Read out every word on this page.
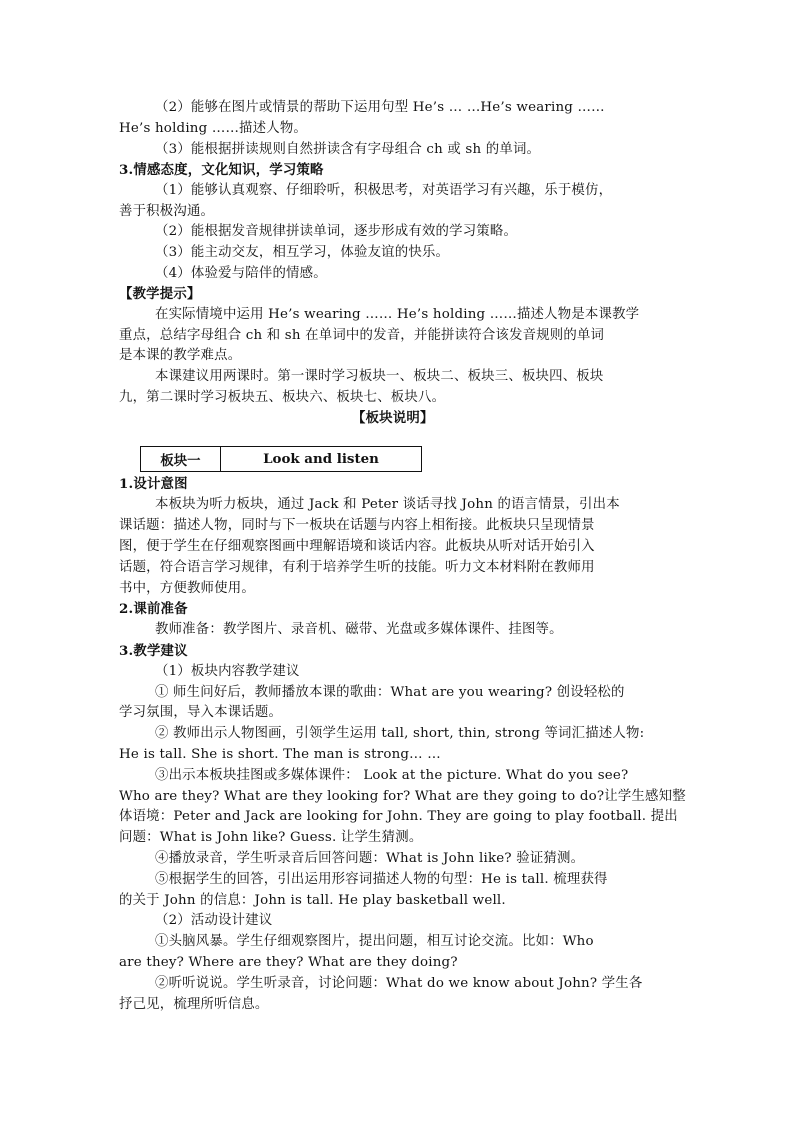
（2）能够在图片或情景的帮助下运用句型 He’s … …He’s wearing ……
He’s holding ……描述人物。
（3）能根据拼读规则自然拼读含有字母组合 ch 或 sh 的单词。
3.情感态度，文化知识，学习策略
（1）能够认真观察、仔细聆听，积极思考，对英语学习有兴趣，乐于模仿，
善于积极沟通。
（2）能根据发音规律拼读单词，逐步形成有效的学习策略。
（3）能主动交友，相互学习，体验友谊的快乐。
（4）体验爱与陪伴的情感。
【教学提示】
在实际情境中运用 He’s wearing …… He’s holding ……描述人物是本课教学
重点，总结字母组合 ch 和 sh 在单词中的发音，并能拼读符合该发音规则的单词
是本课的教学难点。
本课建议用两课时。第一课时学习板块一、板块二、板块三、板块四、板块
九，第二课时学习板块五、板块六、板块七、板块八。
【板块说明】
板块一	Look and listen
1.设计意图
本板块为听力板块，通过 Jack 和 Peter 谈话寻找 John 的语言情景，引出本
课话题：描述人物，同时与下一板块在话题与内容上相衔接。此板块只呈现情景
图，便于学生在仔细观察图画中理解语境和谈话内容。此板块从听对话开始引入
话题，符合语言学习规律，有利于培养学生听的技能。听力文本材料附在教师用
书中，方便教师使用。
2.课前准备
教师准备：教学图片、录音机、磁带、光盘或多媒体课件、挂图等。
3.教学建议
（1）板块内容教学建议
① 师生问好后，教师播放本课的歌曲：What are you wearing? 创设轻松的
学习氛围，导入本课话题。
② 教师出示人物图画，引领学生运用 tall, short, thin, strong 等词汇描述人物:
He is tall. She is short. The man is strong… …
③出示本板块挂图或多媒体课件： Look at the picture. What do you see?
Who are they? What are they looking for? What are they going to do?让学生感知整
体语境：Peter and Jack are looking for John. They are going to play football. 提出
问题：What is John like? Guess. 让学生猜测。
④播放录音，学生听录音后回答问题：What is John like? 验证猜测。
⑤根据学生的回答，引出运用形容词描述人物的句型：He is tall. 梳理获得
的关于 John 的信息：John is tall. He play basketball well.
（2）活动设计建议
①头脑风暴。学生仔细观察图片，提出问题，相互讨论交流。比如：Who
are they? Where are they? What are they doing?
②听听说说。学生听录音，讨论问题：What do we know about John? 学生各
抒己见，梳理所听信息。
